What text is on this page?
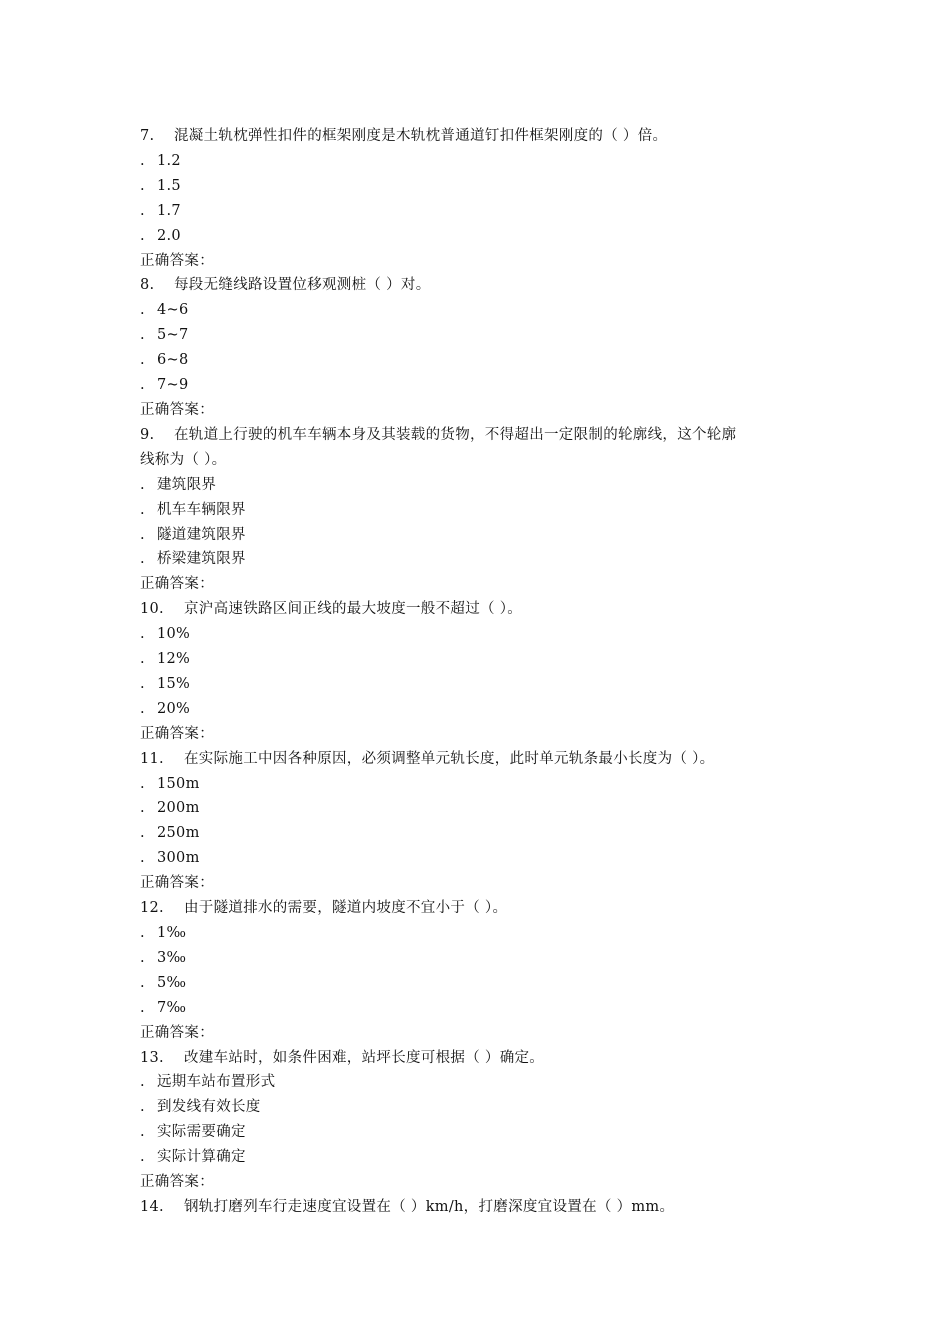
7. 混凝土轨枕弹性扣件的框架刚度是木轨枕普通道钉扣件框架刚度的（ ）倍。
. 1.2
. 1.5
. 1.7
. 2.0
正确答案：
8. 每段无缝线路设置位移观测桩（ ）对。
. 4~6
. 5~7
. 6~8
. 7~9
正确答案：
9. 在轨道上行驶的机车车辆本身及其装载的货物，不得超出一定限制的轮廓线，这个轮廓
线称为（ ）。
. 建筑限界
. 机车车辆限界
. 隧道建筑限界
. 桥梁建筑限界
正确答案：
10. 京沪高速铁路区间正线的最大坡度一般不超过（ ）。
. 10%
. 12%
. 15%
. 20%
正确答案：
11. 在实际施工中因各种原因，必须调整单元轨长度，此时单元轨条最小长度为（ ）。
. 150m
. 200m
. 250m
. 300m
正确答案：
12. 由于隧道排水的需要，隧道内坡度不宜小于（ ）。
. 1‰
. 3‰
. 5‰
. 7‰
正确答案：
13. 改建车站时，如条件困难，站坪长度可根据（ ）确定。
. 远期车站布置形式
. 到发线有效长度
. 实际需要确定
. 实际计算确定
正确答案：
14. 钢轨打磨列车行走速度宜设置在（ ）km/h，打磨深度宜设置在（ ）mm。
